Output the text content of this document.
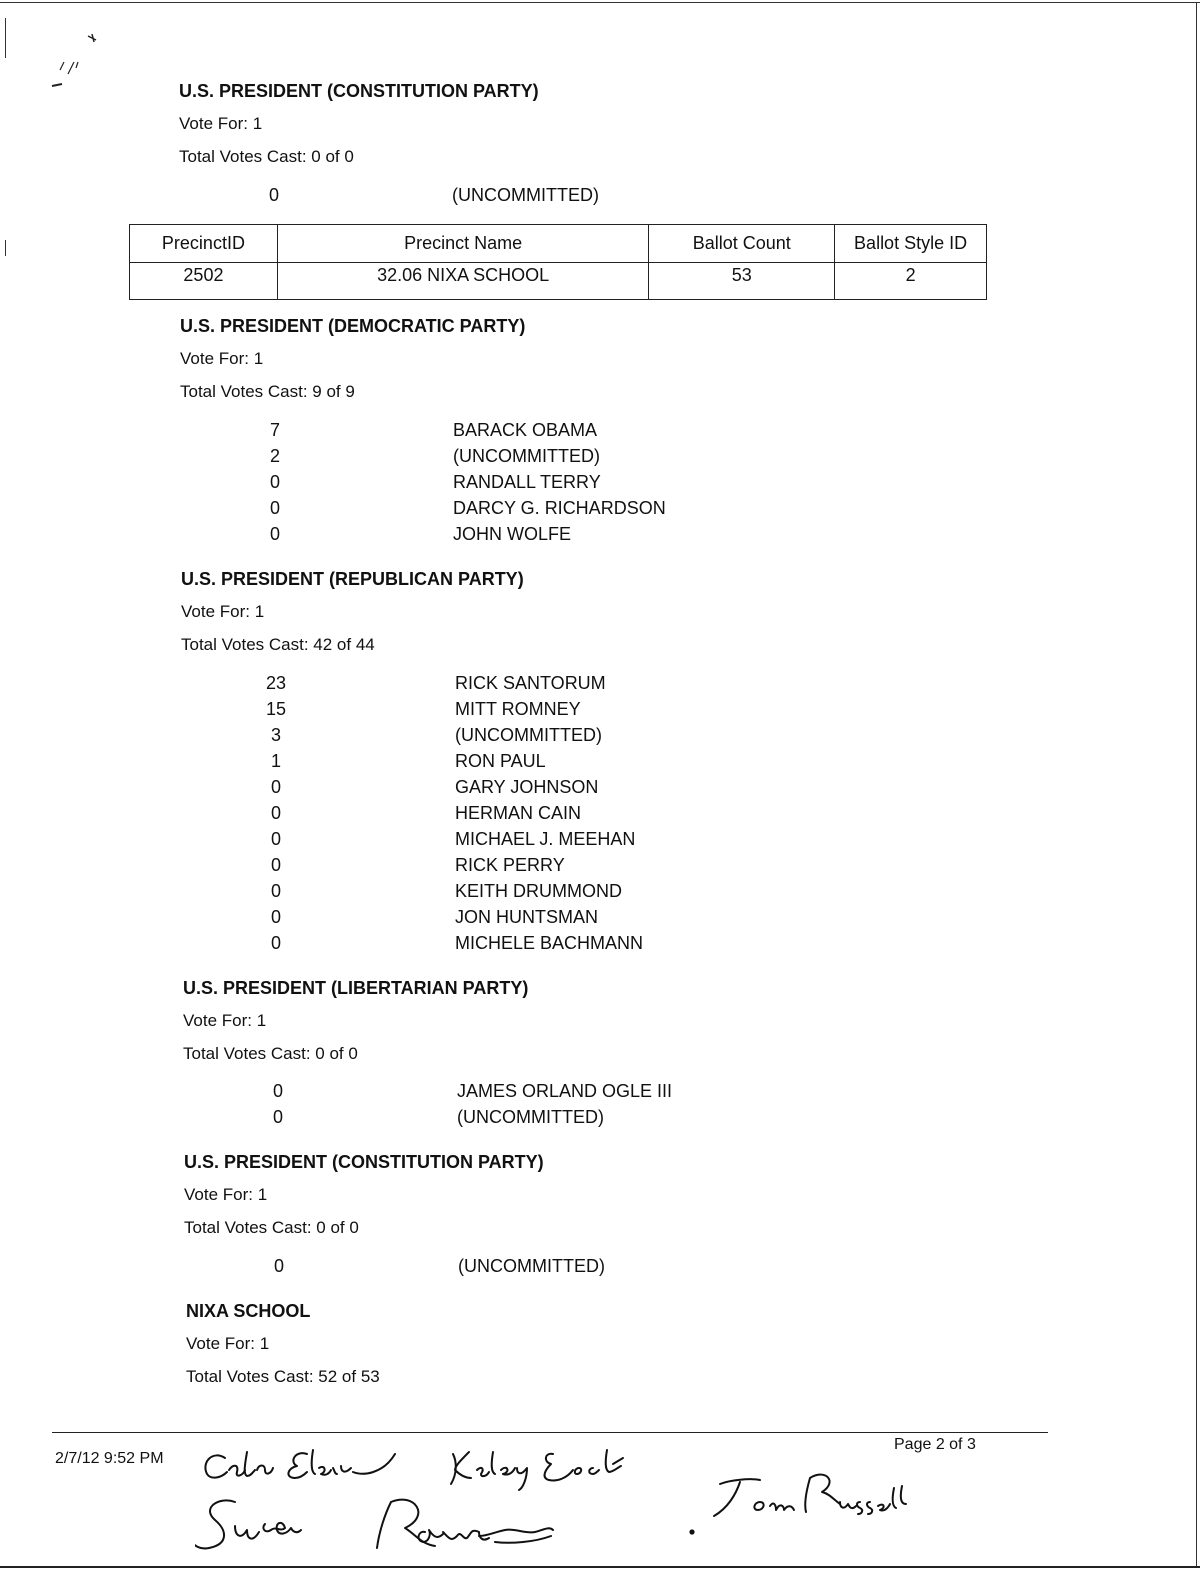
U.S. PRESIDENT (CONSTITUTION PARTY)
Vote For: 1
Total Votes Cast: 0 of 0
0	(UNCOMMITTED)
PrecinctID	Precinct Name	Ballot Count	Ballot Style ID
2502	32.06 NIXA SCHOOL	53	2
U.S. PRESIDENT (DEMOCRATIC PARTY)
Vote For: 1
Total Votes Cast: 9 of 9
7	BARACK OBAMA
2	(UNCOMMITTED)
0	RANDALL TERRY
0	DARCY G. RICHARDSON
0	JOHN WOLFE
U.S. PRESIDENT (REPUBLICAN PARTY)
Vote For: 1
Total Votes Cast: 42 of 44
23	RICK SANTORUM
15	MITT ROMNEY
3	(UNCOMMITTED)
1	RON PAUL
0	GARY JOHNSON
0	HERMAN CAIN
0	MICHAEL J. MEEHAN
0	RICK PERRY
0	KEITH DRUMMOND
0	JON HUNTSMAN
0	MICHELE BACHMANN
U.S. PRESIDENT (LIBERTARIAN PARTY)
Vote For: 1
Total Votes Cast: 0 of 0
0	JAMES ORLAND OGLE III
0	(UNCOMMITTED)
U.S. PRESIDENT (CONSTITUTION PARTY)
Vote For: 1
Total Votes Cast: 0 of 0
0	(UNCOMMITTED)
NIXA SCHOOL
Vote For: 1
Total Votes Cast: 52 of 53
2/7/12 9:52 PM
Page 2 of 3
